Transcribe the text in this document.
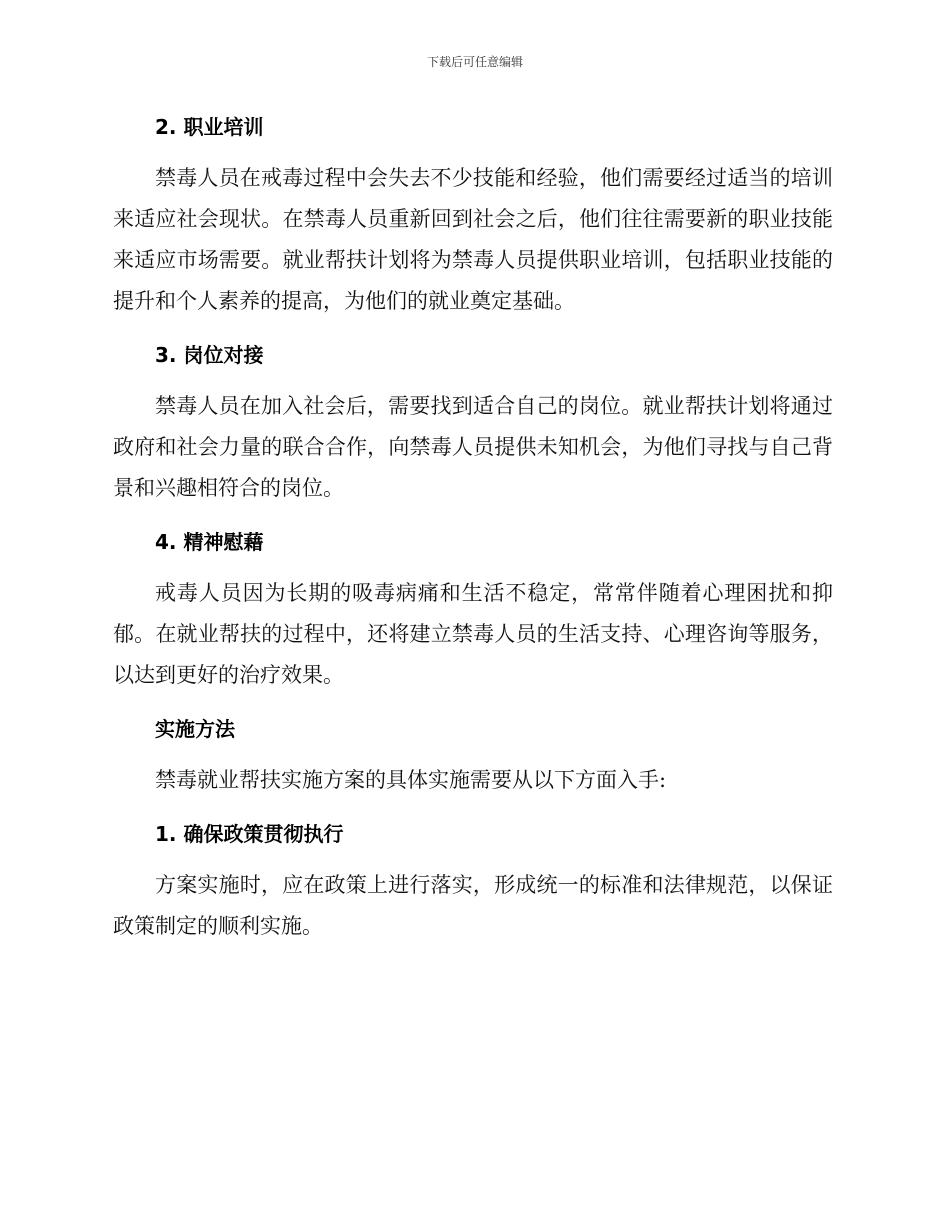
下载后可任意编辑
2. 职业培训

禁毒人员在戒毒过程中会失去不少技能和经验，他们需要经过适当的培训来适应社会现状。在禁毒人员重新回到社会之后，他们往往需要新的职业技能来适应市场需要。就业帮扶计划将为禁毒人员提供职业培训，包括职业技能的提升和个人素养的提高，为他们的就业奠定基础。

3. 岗位对接

禁毒人员在加入社会后，需要找到适合自己的岗位。就业帮扶计划将通过政府和社会力量的联合合作，向禁毒人员提供未知机会，为他们寻找与自己背景和兴趣相符合的岗位。

4. 精神慰藉

戒毒人员因为长期的吸毒病痛和生活不稳定，常常伴随着心理困扰和抑郁。在就业帮扶的过程中，还将建立禁毒人员的生活支持、心理咨询等服务，以达到更好的治疗效果。

实施方法

禁毒就业帮扶实施方案的具体实施需要从以下方面入手:

1. 确保政策贯彻执行

方案实施时，应在政策上进行落实，形成统一的标准和法律规范，以保证政策制定的顺利实施。
